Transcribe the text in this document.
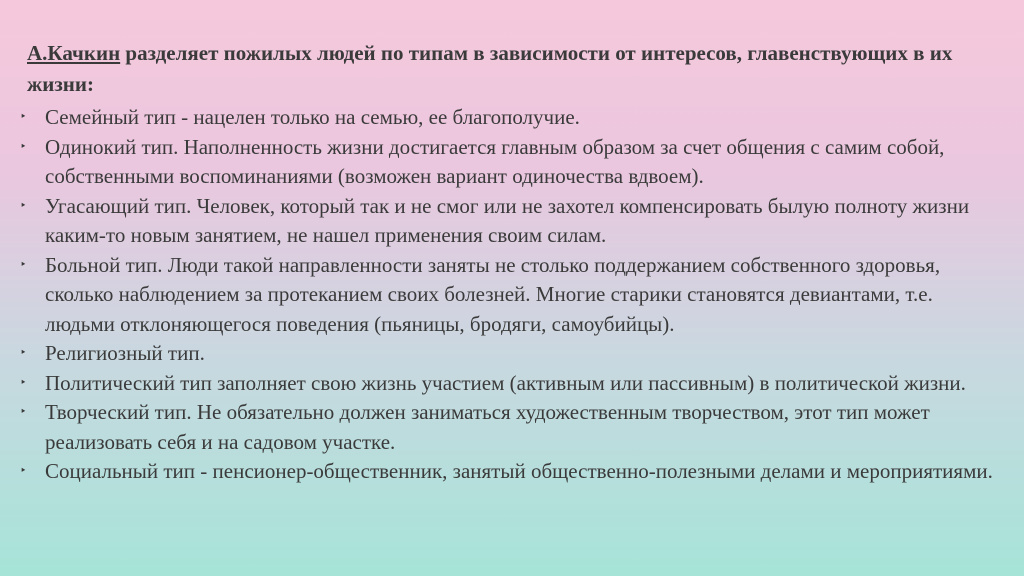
А.Качкин разделяет пожилых людей по типам в зависимости от интересов, главенствующих в их жизни:
‣ Семейный тип - нацелен только на семью, ее благополучие.
‣ Одинокий тип. Наполненность жизни достигается главным образом за счет общения с самим собой, собственными воспоминаниями (возможен вариант одиночества вдвоем).
‣ Угасающий тип. Человек, который так и не смог или не захотел компенсировать былую полноту жизни каким-то новым занятием, не нашел применения своим силам.
‣ Больной тип. Люди такой направленности заняты не столько поддержанием собственного здоровья, сколько наблюдением за протеканием своих болезней. Многие старики становятся девиантами, т.е. людьми отклоняющегося поведения (пьяницы, бродяги, самоубийцы).
‣ Религиозный тип.
‣ Политический тип заполняет свою жизнь участием (активным или пассивным) в политической жизни.
‣ Творческий тип. Не обязательно должен заниматься художественным творчеством, этот тип может реализовать себя и на садовом участке.
‣ Социальный тип - пенсионер-общественник, занятый общественно-полезными делами и мероприятиями.
